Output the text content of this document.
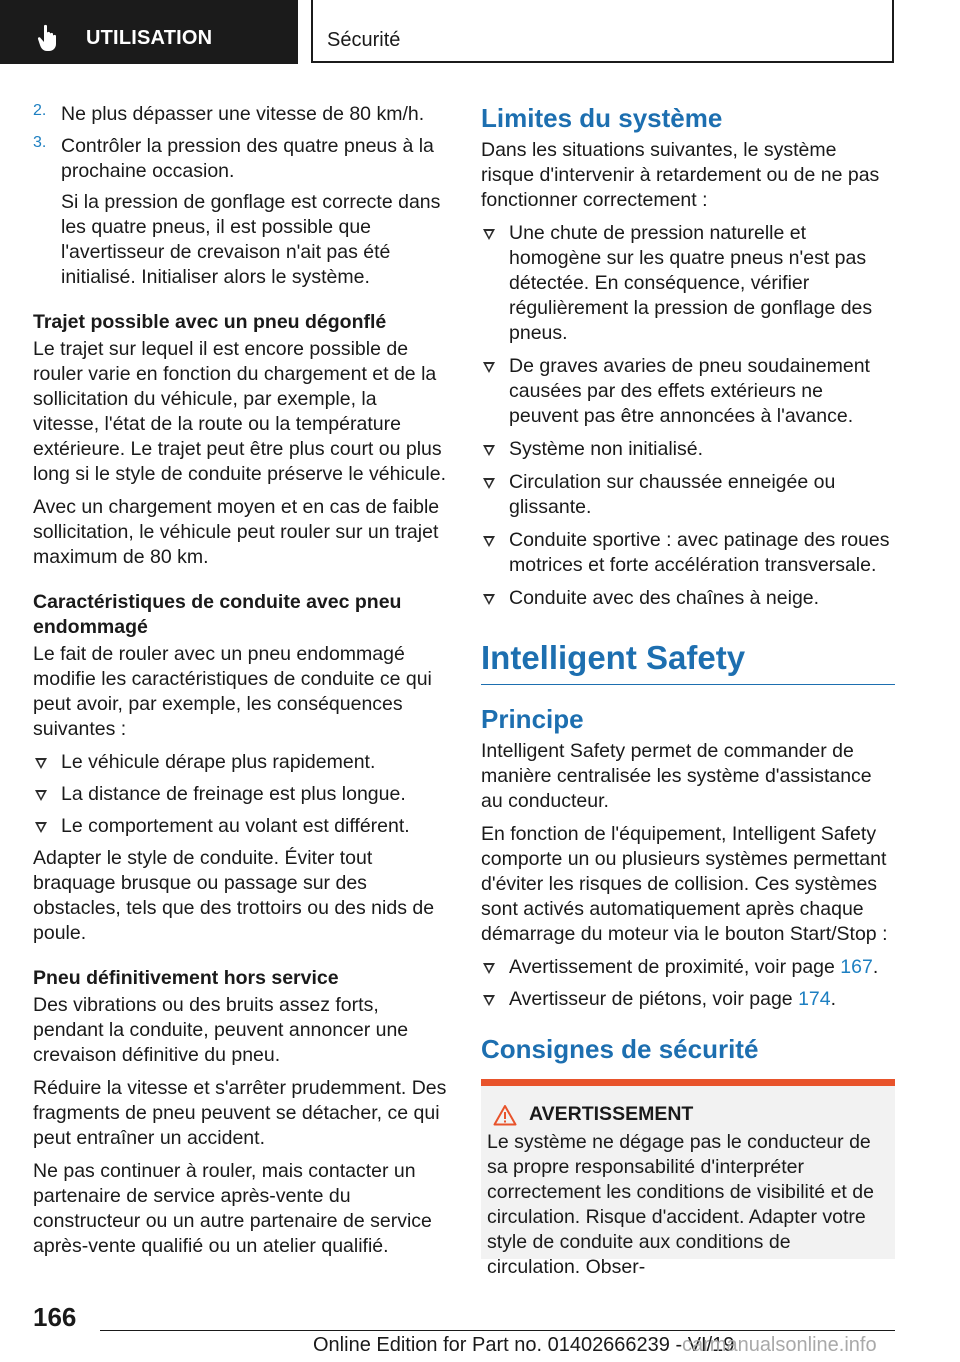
UTILISATION	Sécurité
2. Ne plus dépasser une vitesse de 80 km/h.

3. Contrôler la pression des quatre pneus à la prochaine occasion.

Si la pression de gonflage est correcte dans les quatre pneus, il est possible que l'avertisseur de crevaison n'ait pas été initialisé. Initialiser alors le système.

Trajet possible avec un pneu dégonflé

Le trajet sur lequel il est encore possible de rouler varie en fonction du chargement et de la sollicitation du véhicule, par exemple, la vitesse, l'état de la route ou la température extérieure. Le trajet peut être plus court ou plus long si le style de conduite préserve le véhicule.

Avec un chargement moyen et en cas de faible sollicitation, le véhicule peut rouler sur un trajet maximum de 80 km.

Caractéristiques de conduite avec pneu endommagé

Le fait de rouler avec un pneu endommagé modifie les caractéristiques de conduite ce qui peut avoir, par exemple, les conséquences suivantes :

Le véhicule dérape plus rapidement.

La distance de freinage est plus longue.

Le comportement au volant est différent.

Adapter le style de conduite. Éviter tout braquage brusque ou passage sur des obstacles, tels que des trottoirs ou des nids de poule.

Pneu définitivement hors service

Des vibrations ou des bruits assez forts, pendant la conduite, peuvent annoncer une crevaison définitive du pneu.

Réduire la vitesse et s'arrêter prudemment. Des fragments de pneu peuvent se détacher, ce qui peut entraîner un accident.

Ne pas continuer à rouler, mais contacter un partenaire de service après-vente du constructeur ou un autre partenaire de service après-vente qualifié ou un atelier qualifié.

Limites du système

Dans les situations suivantes, le système risque d'intervenir à retardement ou de ne pas fonctionner correctement :

Une chute de pression naturelle et homogène sur les quatre pneus n'est pas détectée. En conséquence, vérifier régulièrement la pression de gonflage des pneus.

De graves avaries de pneu soudainement causées par des effets extérieurs ne peuvent pas être annoncées à l'avance.

Système non initialisé.

Circulation sur chaussée enneigée ou glissante.

Conduite sportive : avec patinage des roues motrices et forte accélération transversale.

Conduite avec des chaînes à neige.

Intelligent Safety
Principe

Intelligent Safety permet de commander de manière centralisée les système d'assistance au conducteur.

En fonction de l'équipement, Intelligent Safety comporte un ou plusieurs systèmes permettant d'éviter les risques de collision. Ces systèmes sont activés automatiquement après chaque démarrage du moteur via le bouton Start/Stop :

Avertissement de proximité, voir page 167.

Avertisseur de piétons, voir page 174.

Consignes de sécurité
AVERTISSEMENT

Le système ne dégage pas le conducteur de sa propre responsabilité d'interpréter correctement les conditions de visibilité et de circulation. Risque d'accident. Adapter votre style de conduite aux conditions de circulation. Obser-

166
Online Edition for Part no. 01402666239 - VI/19
carmanualsonline.info
